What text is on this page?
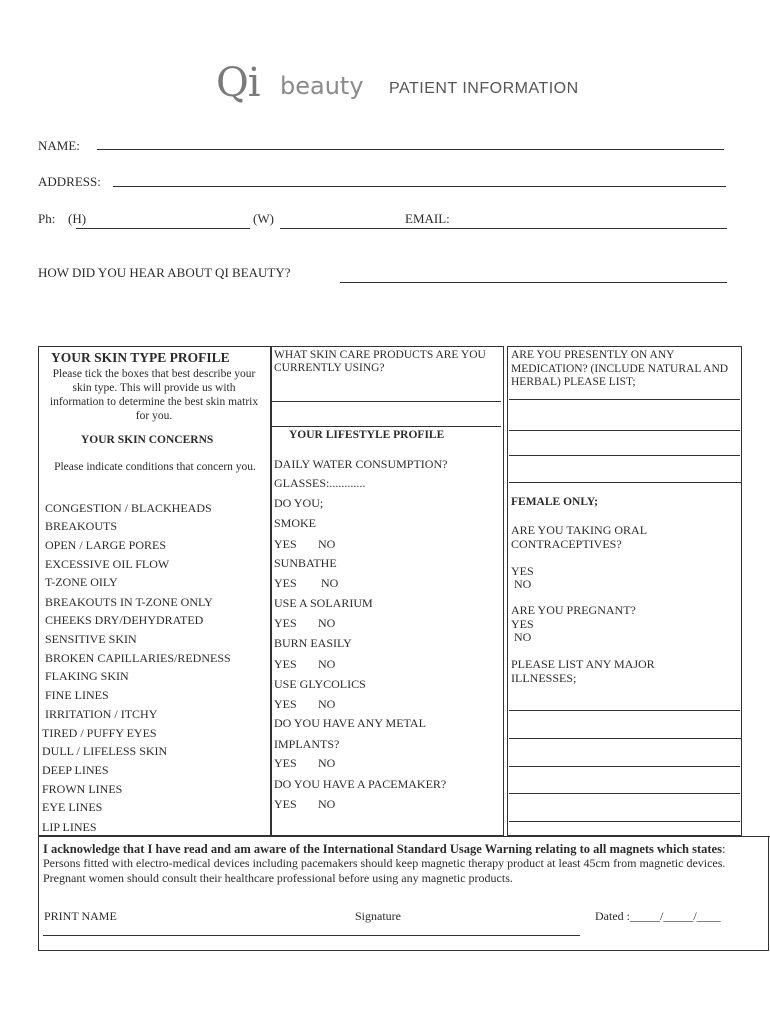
Qi beauty PATIENT INFORMATION
NAME:
ADDRESS:
Ph: (H)	(W)	EMAIL:
HOW DID YOU HEAR ABOUT QI BEAUTY?
YOUR SKIN TYPE PROFILE
Please tick the boxes that best describe your skin type. This will provide us with information to determine the best skin matrix for you.
YOUR SKIN CONCERNS
Please indicate conditions that concern you.
CONGESTION / BLACKHEADS
BREAKOUTS
OPEN / LARGE PORES
EXCESSIVE OIL FLOW
T-ZONE OILY
BREAKOUTS IN T-ZONE ONLY
CHEEKS DRY/DEHYDRATED
SENSITIVE SKIN
BROKEN CAPILLARIES/REDNESS
FLAKING SKIN
FINE LINES
IRRITATION / ITCHY
TIRED / PUFFY EYES
DULL / LIFELESS SKIN
DEEP LINES
FROWN LINES
EYE LINES
LIP LINES
WHAT SKIN CARE PRODUCTS ARE YOU CURRENTLY USING?
YOUR LIFESTYLE PROFILE
DAILY WATER CONSUMPTION?
GLASSES:............
DO YOU;
SMOKE
YES NO
SUNBATHE
YES NO
USE A SOLARIUM
YES NO
BURN EASILY
YES NO
USE GLYCOLICS
YES NO
DO YOU HAVE ANY METAL
IMPLANTS?
YES NO
DO YOU HAVE A PACEMAKER?
YES NO
ARE YOU PRESENTLY ON ANY MEDICATION? (INCLUDE NATURAL AND HERBAL) PLEASE LIST;
FEMALE ONLY;
ARE YOU TAKING ORAL
CONTRACEPTIVES?
YES
NO
ARE YOU PREGNANT?
YES
NO
PLEASE LIST ANY MAJOR
ILLNESSES;
I acknowledge that I have read and am aware of the International Standard Usage Warning relating to all magnets which states:
Persons fitted with electro-medical devices including pacemakers should keep magnetic therapy product at least 45cm from magnetic devices. Pregnant women should consult their healthcare professional before using any magnetic products.
PRINT NAME	Signature	Dated :_____/_____/____
